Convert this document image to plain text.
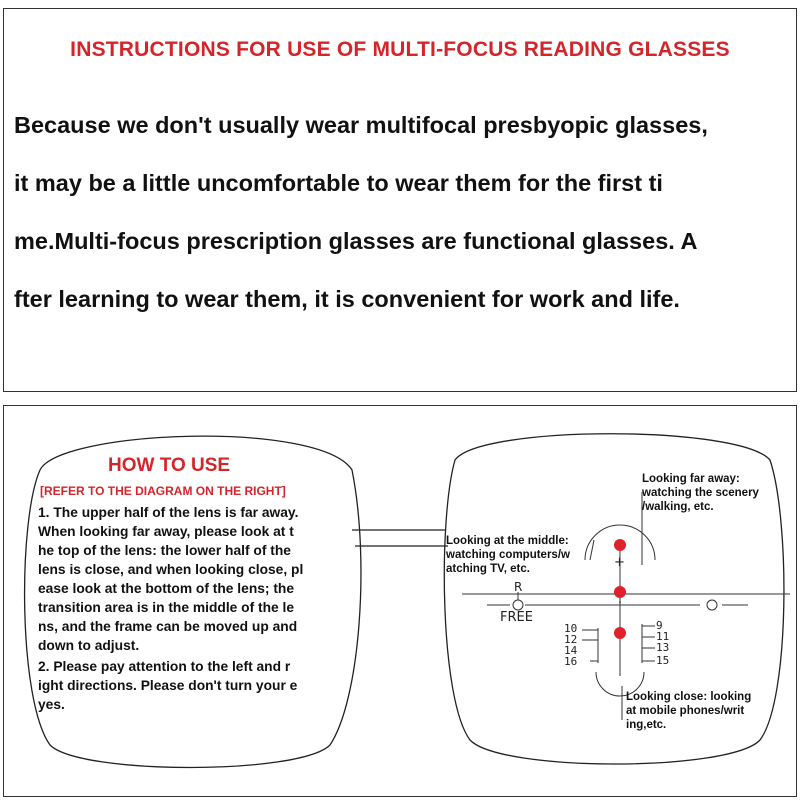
INSTRUCTIONS FOR USE OF MULTI-FOCUS READING GLASSES
Because we don't usually wear multifocal presbyopic glasses,
it may be a little uncomfortable to wear them for the first ti
me.Multi-focus prescription glasses are functional glasses. A
fter learning to wear them, it is convenient for work and life.
HOW TO USE
[REFER TO THE DIAGRAM ON THE RIGHT]
1. The upper half of the lens is far away.
When looking far away, please look at t
he top of the lens: the lower half of the
lens is close, and when looking close, pl
ease look at the bottom of the lens; the
transition area is in the middle of the le
ns, and the frame can be moved up and
down to adjust.
2. Please pay attention to the left and r
ight directions. Please don't turn your e
yes.
Looking far away:
watching the scenery
/walking, etc.
Looking at the middle:
watching computers/w
atching TV, etc.
Looking close: looking
at mobile phones/writ
ing,etc.
R
FREE
+
·
10
12
14
16
9
11
13
15
